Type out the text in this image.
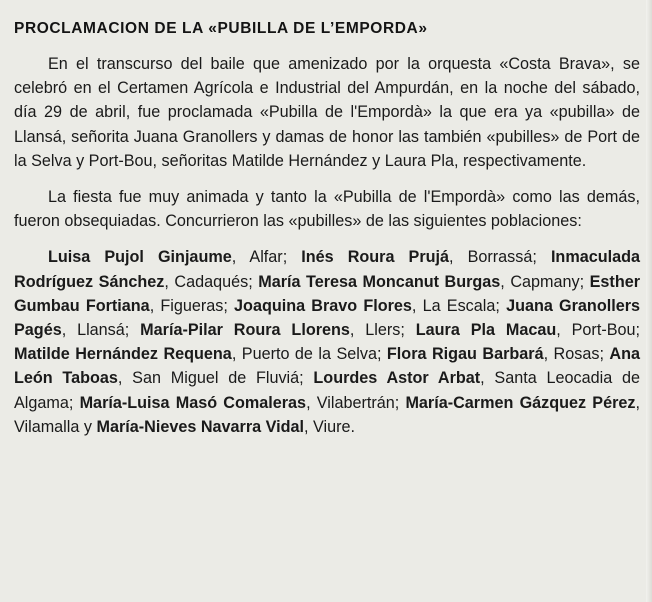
PROCLAMACION DE LA «PUBILLA DE L’EMPORDA»

En el transcurso del baile que amenizado por la orquesta «Costa Brava», se celebró en el Certamen Agrícola e Industrial del Ampurdán, en la noche del sábado, día 29 de abril, fue proclamada «Pubilla de l'Empordà» la que era ya «pubilla» de Llansá, señorita Juana Granollers y damas de honor las también «pubilles» de Port de la Selva y Port-Bou, señoritas Matilde Hernández y Laura Pla, respectivamente.

La fiesta fue muy animada y tanto la «Pubilla de l'Empordà» como las demás, fueron obsequiadas. Concurrieron las «pubilles» de las siguientes poblaciones:

Luisa Pujol Ginjaume, Alfar; Inés Roura Prujá, Borrassá; Inmaculada Rodríguez Sánchez, Cadaqués; María Teresa Moncanut Burgas, Capmany; Esther Gumbau Fortiana, Figueras; Joaquina Bravo Flores, La Escala; Juana Granollers Pagés, Llansá; María-Pilar Roura Llorens, Llers; Laura Pla Macau, Port-Bou; Matilde Hernández Requena, Puerto de la Selva; Flora Rigau Barbará, Rosas; Ana León Taboas, San Miguel de Fluviá; Lourdes Astor Arbat, Santa Leocadia de Algama; María-Luisa Masó Comaleras, Vilabertrán; María-Carmen Gázquez Pérez, Vilamalla y María-Nieves Navarra Vidal, Viure.
